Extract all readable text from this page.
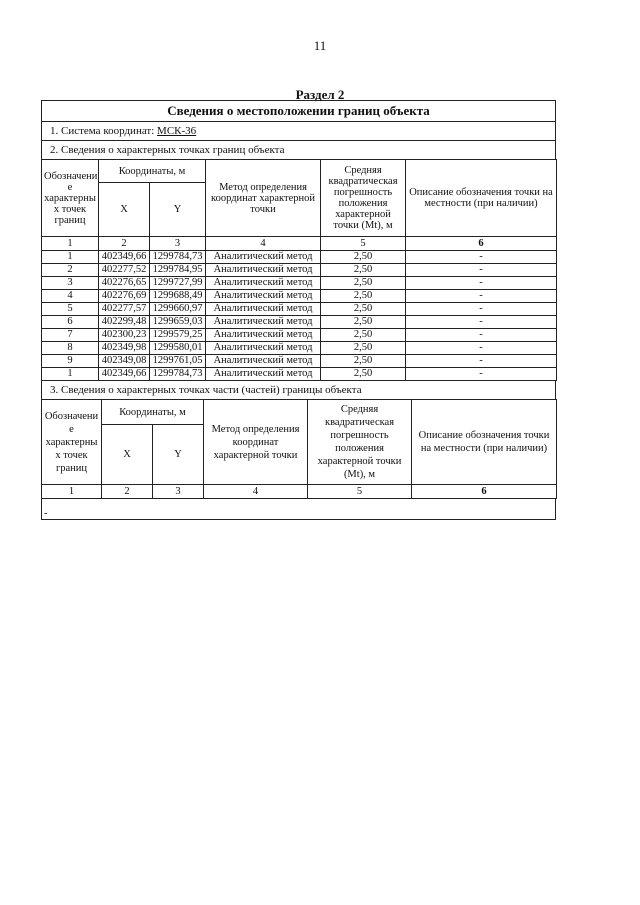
11
Раздел 2
Сведения о местоположении границ объекта
1. Система координат: МСК-36
2. Сведения о характерных точках границ объекта
Обозначени е характерны х точек границ	Координаты, м		Метод определения координат характерной точки	Средняя квадратическая погрешность положения характерной точки (Mt), м	Описание обозначения точки на местности (при наличии)
	X	Y			
1	2	3	4	5	6
1	402349,66	1299784,73	Аналитический метод	2,50	-
2	402277,52	1299784,95	Аналитический метод	2,50	-
3	402276,65	1299727,99	Аналитический метод	2,50	-
4	402276,69	1299688,49	Аналитический метод	2,50	-
5	402277,57	1299660,97	Аналитический метод	2,50	-
6	402299,48	1299659,03	Аналитический метод	2,50	-
7	402300,23	1299579,25	Аналитический метод	2,50	-
8	402349,98	1299580,01	Аналитический метод	2,50	-
9	402349,08	1299761,05	Аналитический метод	2,50	-
1	402349,66	1299784,73	Аналитический метод	2,50	-
3. Сведения о характерных точках части (частей) границы объекта
Обозначени е характерны х точек границ	Координаты, м		Метод определения координат характерной точки	Средняя квадратическая погрешность положения характерной точки (Mt), м	Описание обозначения точки на местности (при наличии)
	X	Y			
1	2	3	4	5	6
-
